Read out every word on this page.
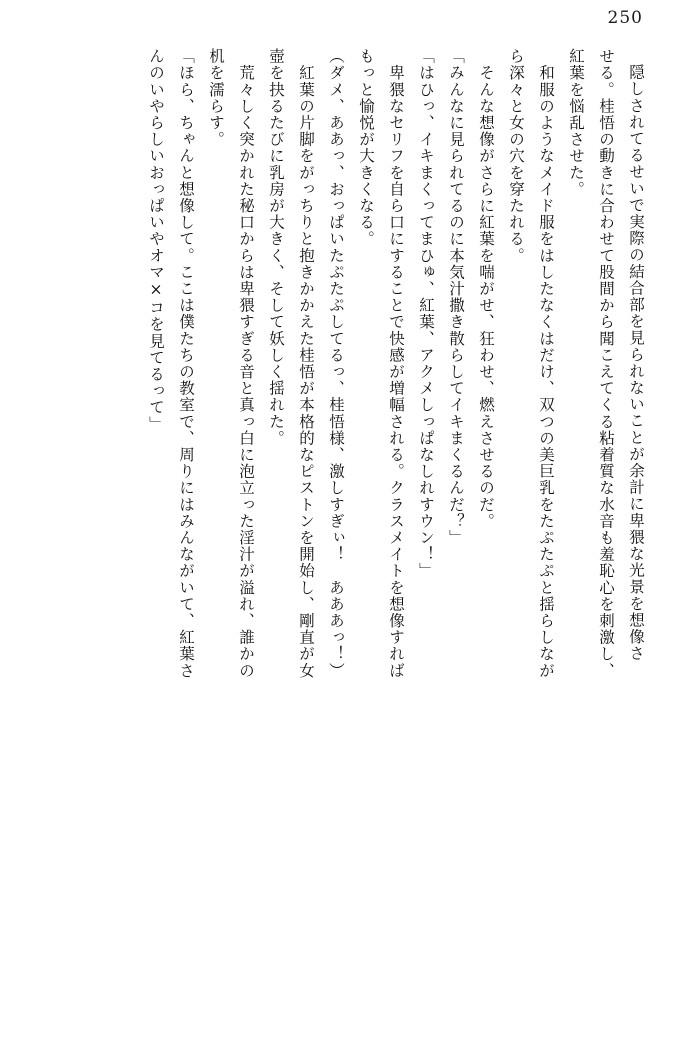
250
隠しされてるせいで実際の結合部を見られないことが余計に卑猥な光景を想像さ
せる。桂悟の動きに合わせて股間から聞こえてくる粘着質な水音も羞恥心を刺激し、
紅葉を悩乱させた。
　和服のようなメイド服をはしたなくはだけ、双つの美巨乳をたぷたぷと揺らしなが
ら深々と女の穴を穿たれる。
　そんな想像がさらに紅葉を喘がせ、狂わせ、燃えさせるのだ。
「みんなに見られてるのに本気汁撒き散らしてイキまくるんだ？」
「はひっ、イキまくってまひゅ、紅葉、アクメしっぱなしれすウン！」
　卑猥なセリフを自ら口にすることで快感が増幅される。クラスメイトを想像すれば
もっと愉悦が大きくなる。
（ダメ、ああっ、おっぱいたぷたぷしてるっ、桂悟様、激しすぎぃ！　あああっ！）
　紅葉の片脚をがっちりと抱きかかえた桂悟が本格的なピストンを開始し、剛直が女
壺を抉るたびに乳房が大きく、そして妖しく揺れた。
　荒々しく突かれた秘口からは卑猥すぎる音と真っ白に泡立った淫汁が溢れ、誰かの
机を濡らす。
「ほら、ちゃんと想像して。ここは僕たちの教室で、周りにはみんながいて、紅葉さ
んのいやらしいおっぱいやオマ×コを見てるって」
